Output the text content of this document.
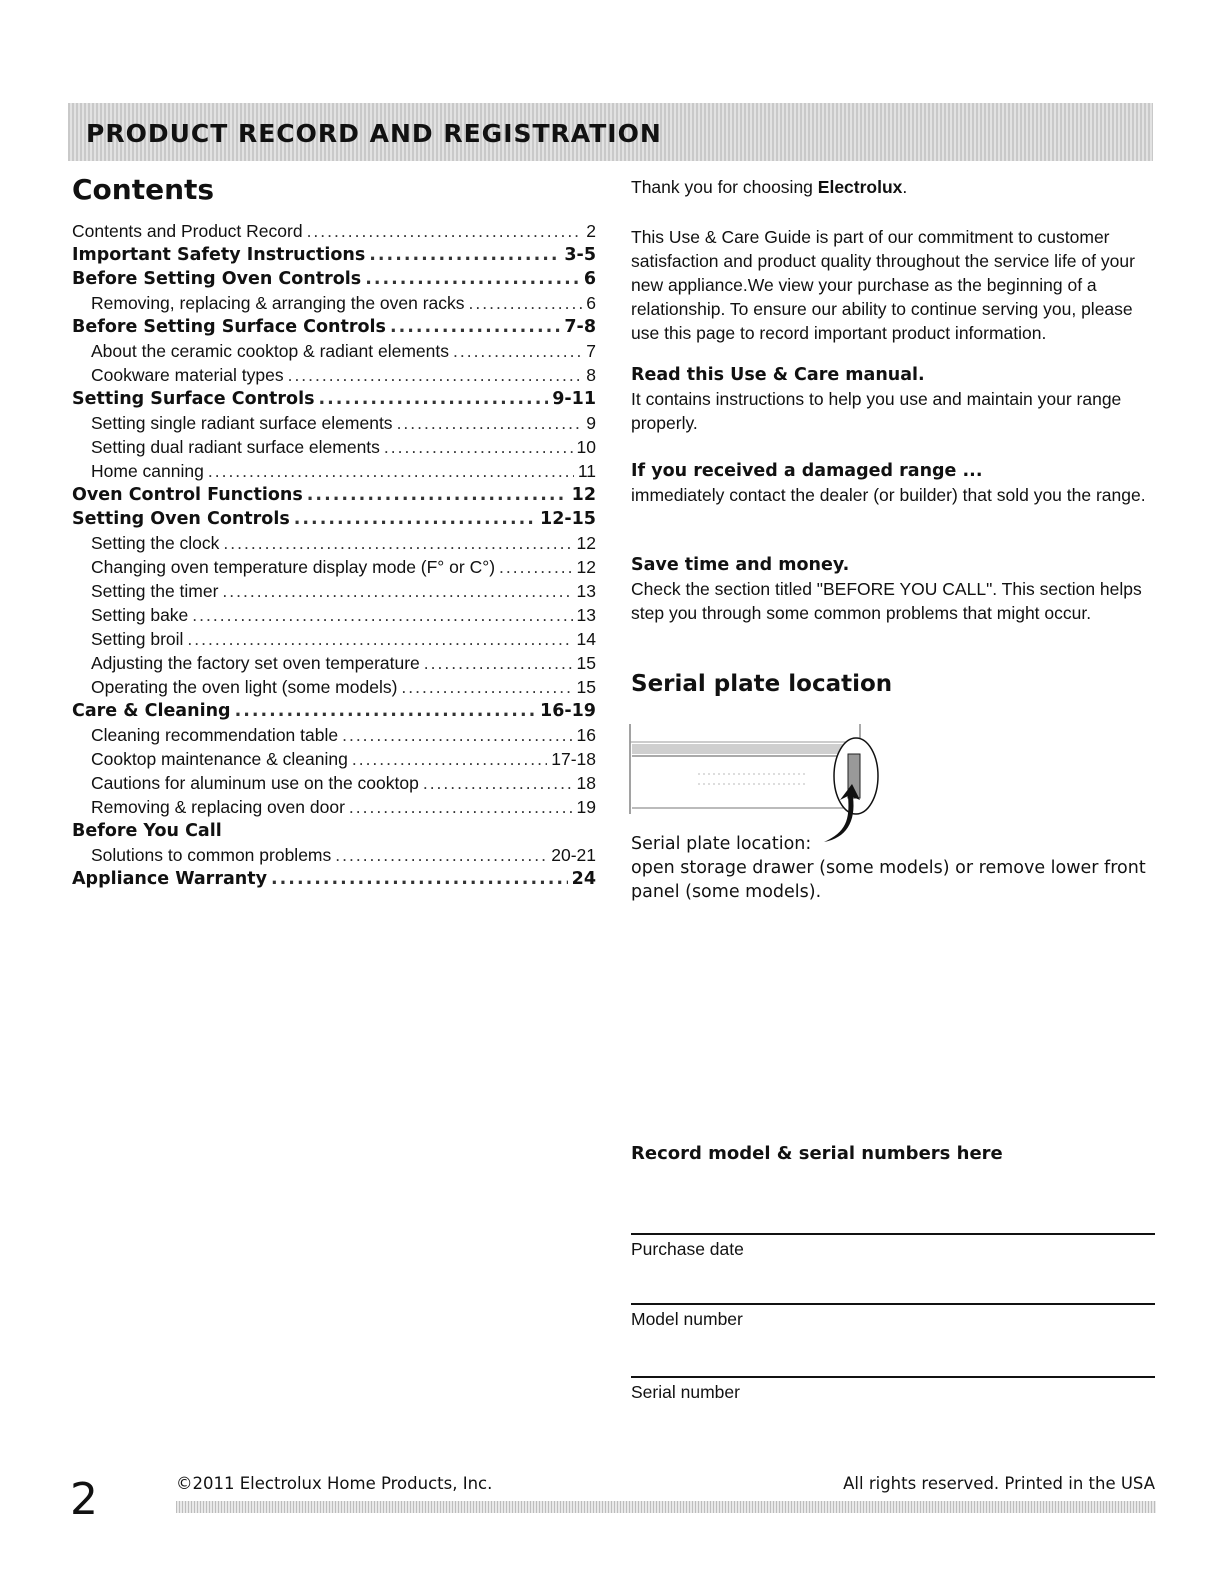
PRODUCT RECORD AND REGISTRATION
Contents
Contents and Product Record .....	2
Important Safety Instructions .....	3-5
Before Setting Oven Controls .....	6
Removing, replacing & arranging the oven racks .....	6
Before Setting Surface Controls .....	7-8
About the ceramic cooktop & radiant elements .....	7
Cookware material types .....	8
Setting Surface Controls .....	9-11
Setting single radiant surface elements .....	9
Setting dual radiant surface elements .....	10
Home canning .....	11
Oven Control Functions .....	12
Setting Oven Controls .....	12-15
Setting the clock .....	12
Changing oven temperature display mode (F° or C°) .....	12
Setting the timer .....	13
Setting bake .....	13
Setting broil .....	14
Adjusting the factory set oven temperature .....	15
Operating the oven light (some models) .....	15
Care & Cleaning .....	16-19
Cleaning recommendation table .....	16
Cooktop maintenance & cleaning .....	17-18
Cautions for aluminum use on the cooktop .....	18
Removing & replacing oven door .....	19
Before You Call
Solutions to common problems .....	20-21
Appliance Warranty .....	24
Thank you for choosing Electrolux.
This Use & Care Guide is part of our commitment to customer satisfaction and product quality throughout the service life of your new appliance.We view your purchase as the beginning of a relationship. To ensure our ability to continue serving you, please use this page to record important product information.
Read this Use & Care manual.
It contains instructions to help you use and maintain your range properly.
If you received a damaged range ...
immediately contact the dealer (or builder) that sold you the range.
Save time and money.
Check the section titled "BEFORE YOU CALL". This section helps step you through some common problems that might occur.
Serial plate location
Serial plate location:
open storage drawer (some models) or remove lower front panel (some models).
Record model & serial numbers here
Purchase date
Model number
Serial number
2	©2011 Electrolux Home Products, Inc.	All rights reserved. Printed in the USA
